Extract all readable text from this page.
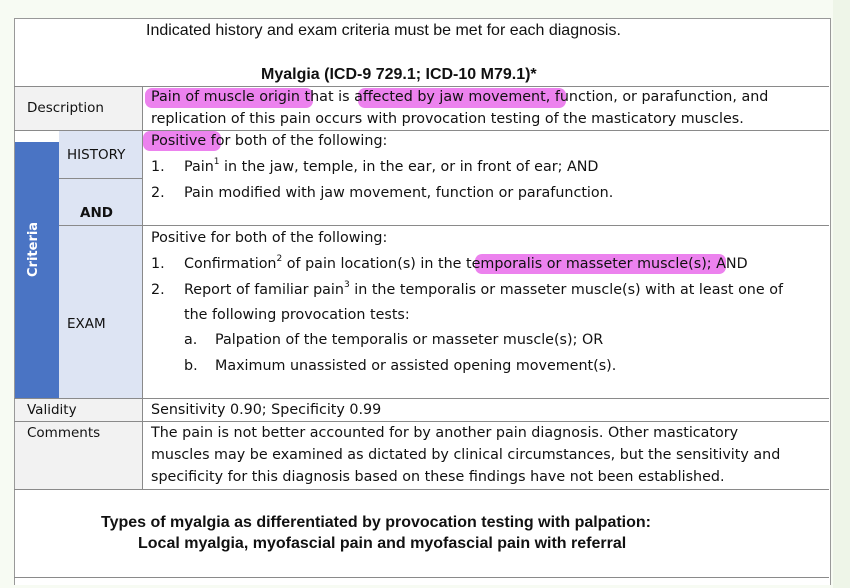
Indicated history and exam criteria must be met for each diagnosis.
Myalgia (ICD-9 729.1; ICD-10 M79.1)*
Description
Pain of muscle origin that is affected by jaw movement, function, or parafunction, and
replication of this pain occurs with provocation testing of the masticatory muscles.
Criteria
HISTORY
AND
EXAM
Positive for both of the following:
1. Pain$^1$ in the jaw, temple, in the ear, or in front of ear; AND
2. Pain modified with jaw movement, function or parafunction.
Positive for both of the following:
1. Confirmation$^2$ of pain location(s) in the temporalis or masseter muscle(s); AND
2. Report of familiar pain$^3$ in the temporalis or masseter muscle(s) with at least one of
the following provocation tests:
a. Palpation of the temporalis or masseter muscle(s); OR
b. Maximum unassisted or assisted opening movement(s).
Validity	Sensitivity 0.90; Specificity 0.99
Comments	The pain is not better accounted for by another pain diagnosis. Other masticatory
muscles may be examined as dictated by clinical circumstances, but the sensitivity and
specificity for this diagnosis based on these findings have not been established.
Types of myalgia as differentiated by provocation testing with palpation:
Local myalgia, myofascial pain and myofascial pain with referral
